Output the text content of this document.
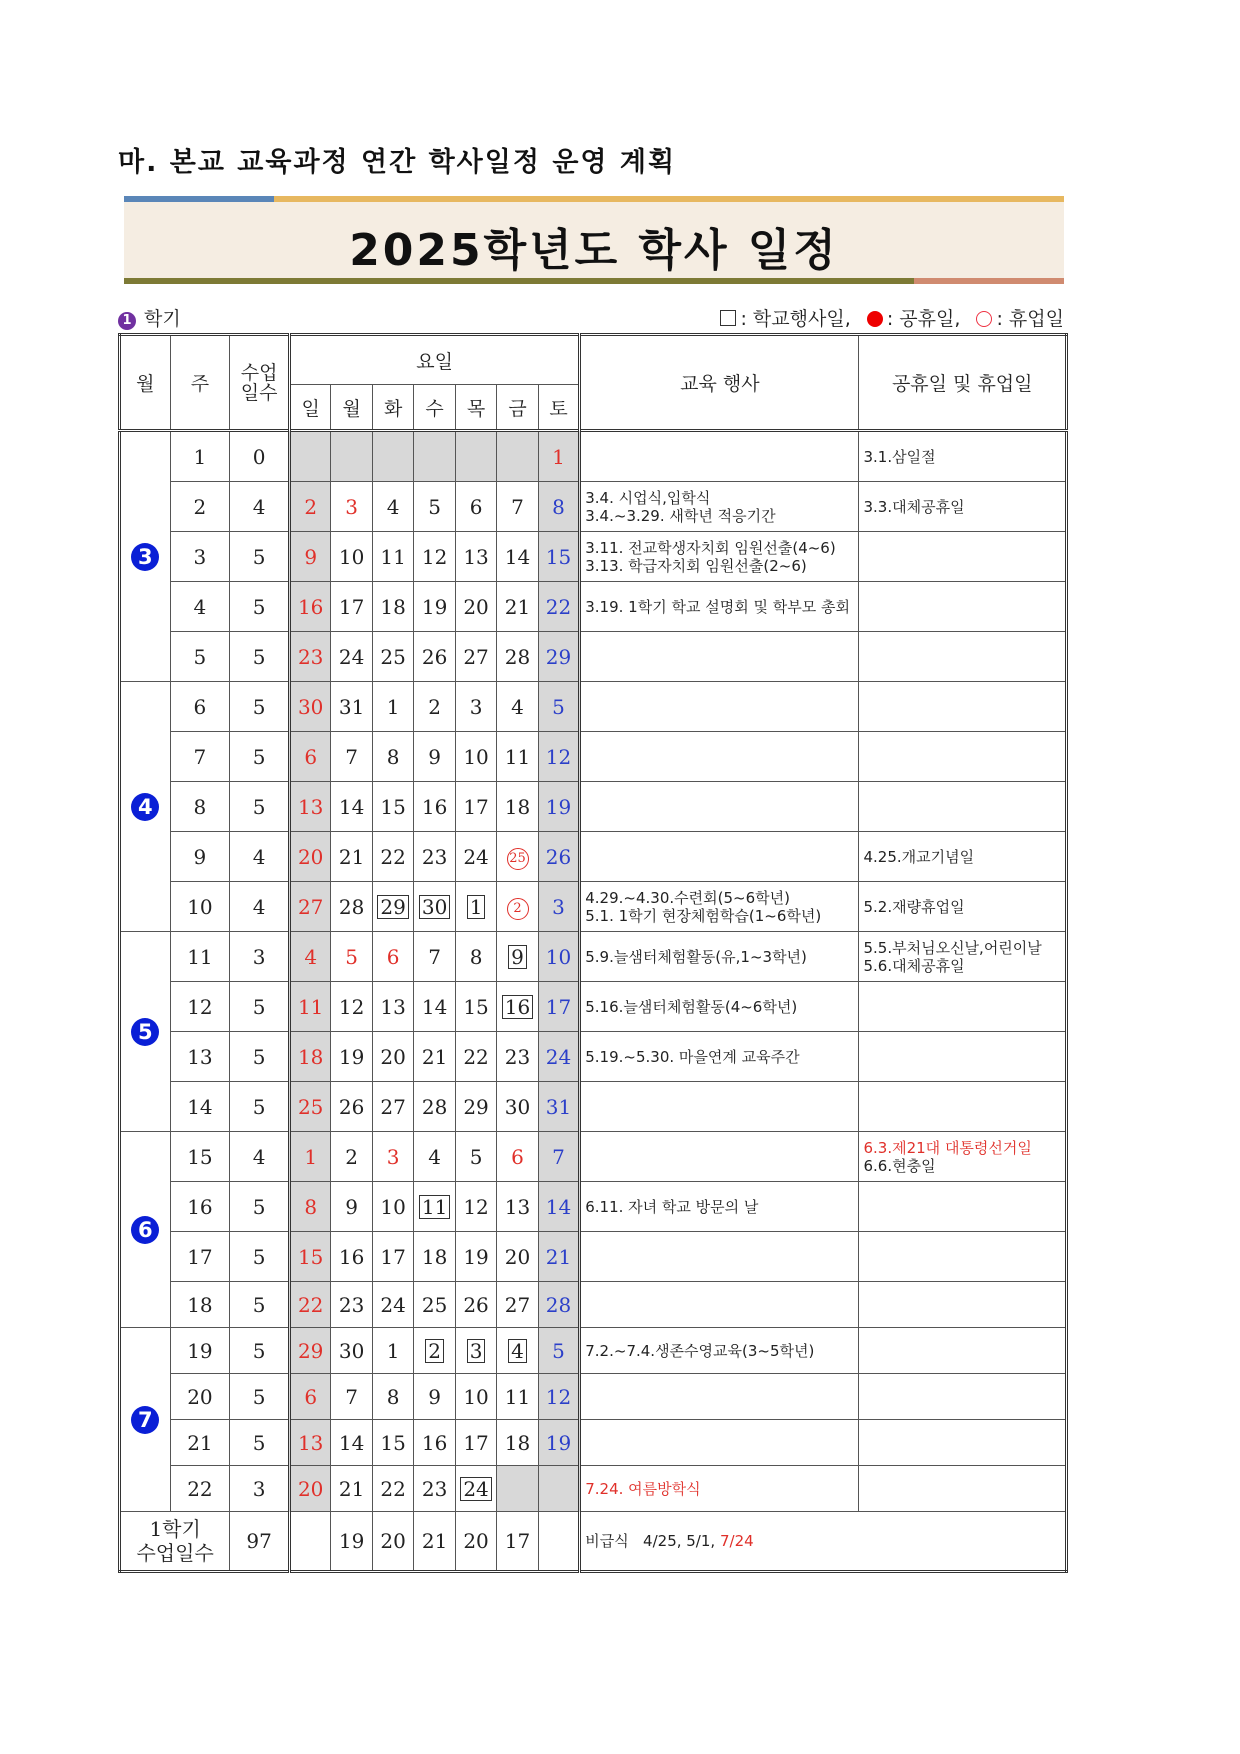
마. 본교 교육과정 연간 학사일정 운영 계획
2025학년도 학사 일정
1 학기	: 학교행사일, : 공휴일, : 휴업일
월	주	수업
일수	요일							교육 행사	공휴일 및 휴업일
			일	월	화	수	목	금	토		
3	1	0							1		3.1.삼일절

	2	4	2	3	4	5	6	7	8	3.4. 시업식,입학식
3.4.~3.29. 새학년 적응기간	3.3.대체공휴일

	3	5	9	10	11	12	13	14	15	3.11. 전교학생자치회 임원선출(4~6)
3.13. 학급자치회 임원선출(2~6)	

	4	5	16	17	18	19	20	21	22	3.19. 1학기 학교 설명회 및 학부모 총회	

	5	5	23	24	25	26	27	28	29		
4	6	5	30	31	1	2	3	4	5		
	7	5	6	7	8	9	10	11	12		
	8	5	13	14	15	16	17	18	19		
	9	4	20	21	22	23	24	25	26		4.25.개교기념일

	10	4	27	28	29	30	1	2	3	4.29.~4.30.수련회(5~6학년)
5.1. 1학기 현장체험학습(1~6학년)	5.2.재량휴업일

5	11	3	4	5	6	7	8	9	10	5.9.늘샘터체험활동(유,1~3학년)	5.5.부처님오신날,어린이날
5.6.대체공휴일

	12	5	11	12	13	14	15	16	17	5.16.늘샘터체험활동(4~6학년)	

	13	5	18	19	20	21	22	23	24	5.19.~5.30. 마을연계 교육주간	

	14	5	25	26	27	28	29	30	31		
6	15	4	1	2	3	4	5	6	7		6.3.제21대 대통령선거일
6.6.현충일

	16	5	8	9	10	11	12	13	14	6.11. 자녀 학교 방문의 날	

	17	5	15	16	17	18	19	20	21		
	18	5	22	23	24	25	26	27	28		
7	19	5	29	30	1	2	3	4	5	7.2.~7.4.생존수영교육(3~5학년)	

	20	5	6	7	8	9	10	11	12		
	21	5	13	14	15	16	17	18	19		
	22	3	20	21	22	23	24			7.24. 여름방학식	

1학기
수업일수		97		19	20	21	20	17		비급식 4/25, 5/1, 7/24	
